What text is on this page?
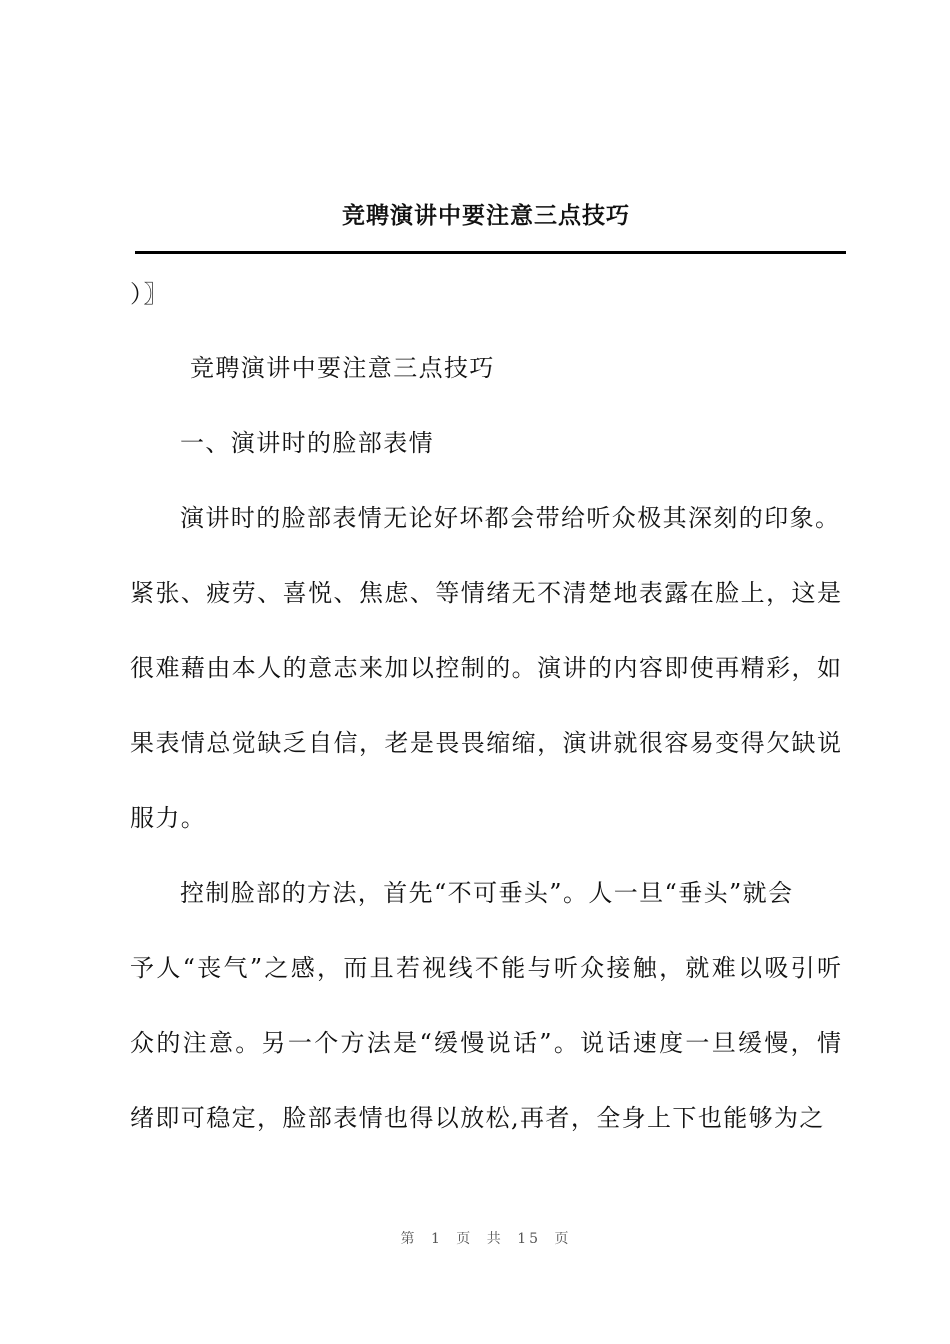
竞聘演讲中要注意三点技巧
）〗
竞聘演讲中要注意三点技巧
一、演讲时的脸部表情
演讲时的脸部表情无论好坏都会带给听众极其深刻的印象。
紧张、疲劳、喜悦、焦虑、等情绪无不清楚地表露在脸上，这是
很难藉由本人的意志来加以控制的。演讲的内容即使再精彩，如
果表情总觉缺乏自信，老是畏畏缩缩，演讲就很容易变得欠缺说
服力。
控制脸部的方法，首先“不可垂头”。人一旦“垂头”就会
予人“丧气”之感，而且若视线不能与听众接触，就难以吸引听
众的注意。另一个方法是“缓慢说话”。说话速度一旦缓慢，情
绪即可稳定，脸部表情也得以放松,再者，全身上下也能够为之
第 1 页 共 15 页
